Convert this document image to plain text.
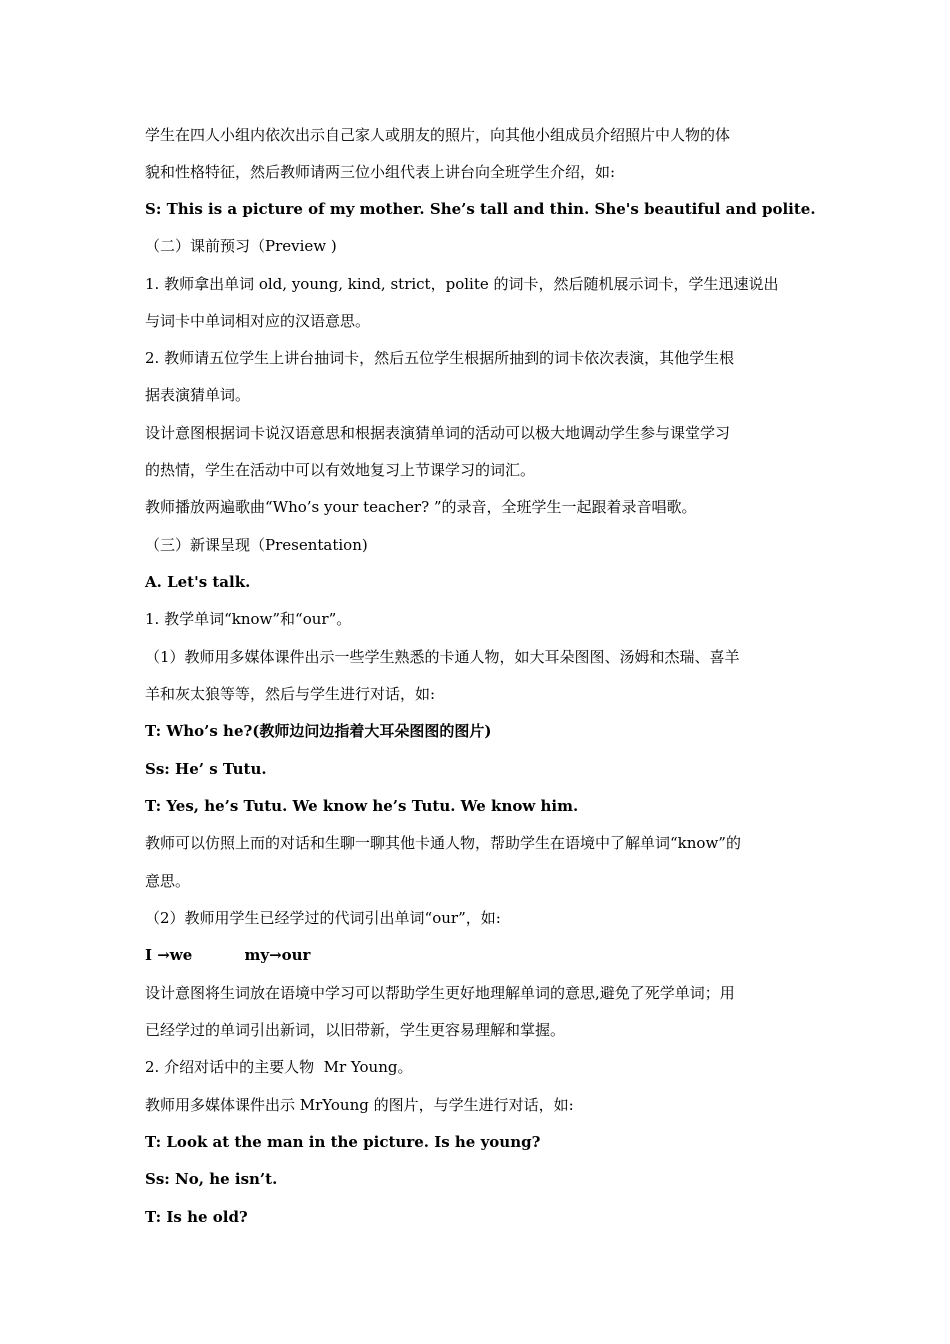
学生在四人小组内依次出示自己家人或朋友的照片，向其他小组成员介绍照片中人物的体
貌和性格特征，然后教师请两三位小组代表上讲台向全班学生介绍，如:
S: This is a picture of my mother. She’s tall and thin. She's beautiful and polite.
（二）课前预习（Preview )
1. 教师拿出单词 old, young, kind, strict，polite 的词卡，然后随机展示词卡，学生迅速说出
与词卡中单词相对应的汉语意思。
2. 教师请五位学生上讲台抽词卡，然后五位学生根据所抽到的词卡依次表演，其他学生根
据表演猜单词。
设计意图根据词卡说汉语意思和根据表演猜单词的活动可以极大地调动学生参与课堂学习
的热情，学生在活动中可以有效地复习上节课学习的词汇。
教师播放两遍歌曲“Who’s your teacher? ”的录音，全班学生一起跟着录音唱歌。
（三）新课呈现（Presentation)
A. Let's talk.
1. 教学单词“know”和“our”。
（1）教师用多媒体课件出示一些学生熟悉的卡通人物，如大耳朵图图、汤姆和杰瑞、喜羊
羊和灰太狼等等，然后与学生进行对话，如:
T: Who’s he?(教师边问边指着大耳朵图图的图片)
Ss: He’ s Tutu.
T: Yes, he’s Tutu. We know he’s Tutu. We know him.
教师可以仿照上而的对话和生聊一聊其他卡通人物，帮助学生在语境中了解单词“know”的
意思。
（2）教师用学生已经学过的代词引出单词“our”，如:
I →we          my→our
设计意图将生词放在语境中学习可以帮助学生更好地理解单词的意思,避免了死学单词；用
已经学过的单词引出新词，以旧带新，学生更容易理解和掌握。
2. 介绍对话中的主要人物  Mr Young。
教师用多媒体课件出示 MrYoung 的图片，与学生进行对话，如:
T: Look at the man in the picture. Is he young?
Ss: No, he isn’t.
T: Is he old?
